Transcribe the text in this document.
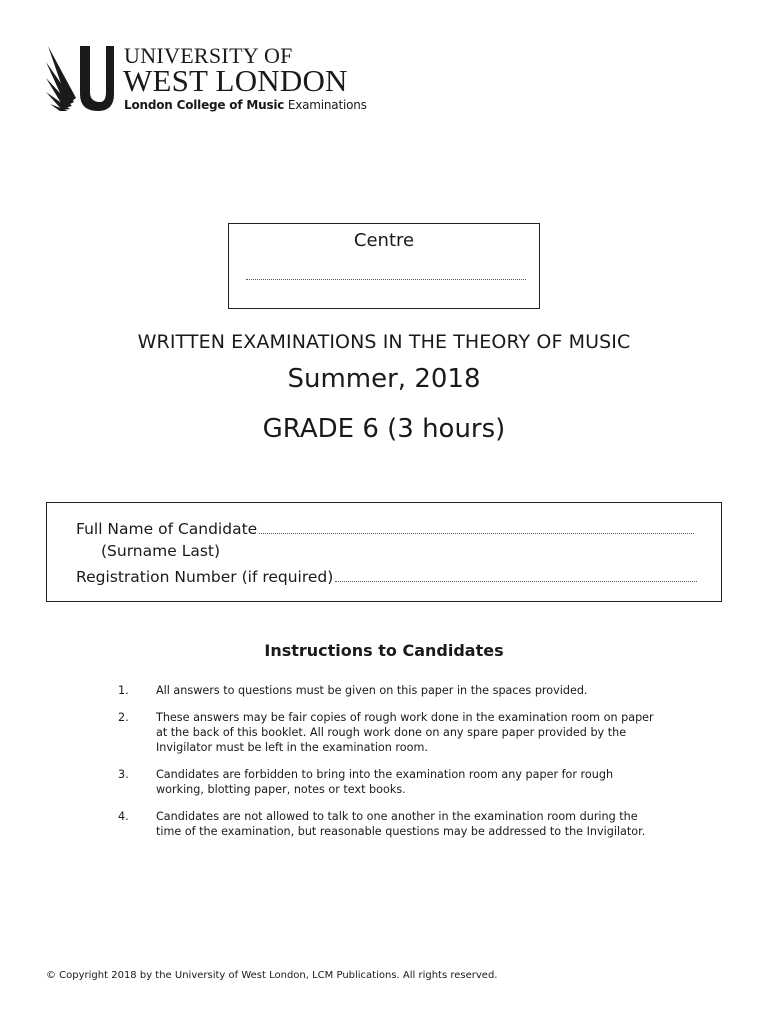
UNIVERSITY OF
WEST LONDON
London College of Music Examinations
Centre
WRITTEN EXAMINATIONS IN THE THEORY OF MUSIC
Summer, 2018
GRADE 6 (3 hours)
Full Name of Candidate
(Surname Last)
Registration Number (if required)
Instructions to Candidates
1.	All answers to questions must be given on this paper in the spaces provided.
2.	These answers may be fair copies of rough work done in the examination room on paper at the back of this booklet. All rough work done on any spare paper provided by the Invigilator must be left in the examination room.
3.	Candidates are forbidden to bring into the examination room any paper for rough working, blotting paper, notes or text books.
4.	Candidates are not allowed to talk to one another in the examination room during the time of the examination, but reasonable questions may be addressed to the Invigilator.
© Copyright 2018 by the University of West London, LCM Publications. All rights reserved.
